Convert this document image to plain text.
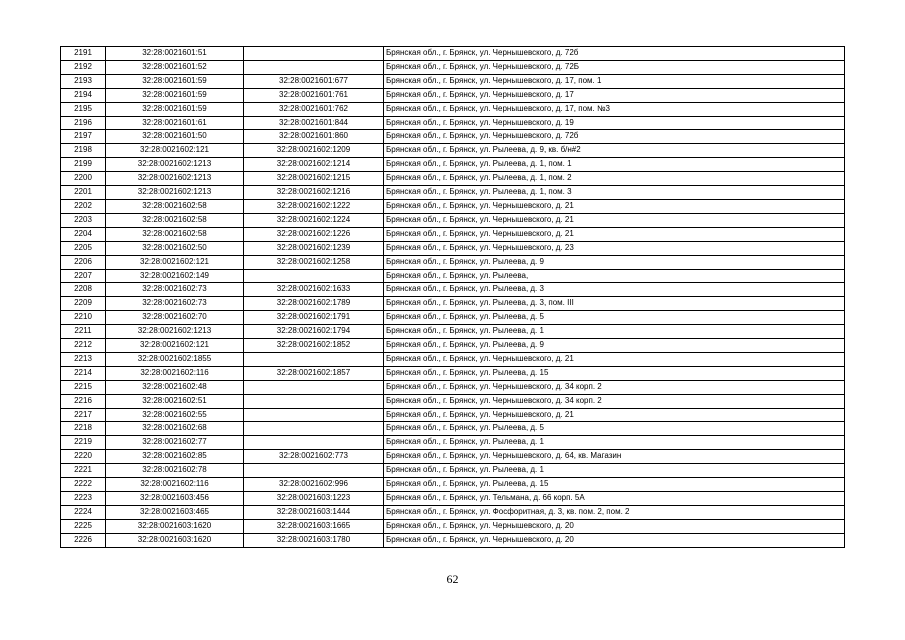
2191	32:28:0021601:51		Брянская обл., г. Брянск, ул. Чернышевского, д. 72б
2192	32:28:0021601:52		Брянская обл., г. Брянск, ул. Чернышевского, д. 72Б
2193	32:28:0021601:59	32:28:0021601:677	Брянская обл., г. Брянск, ул. Чернышевского, д. 17, пом. 1
2194	32:28:0021601:59	32:28:0021601:761	Брянская обл., г. Брянск, ул. Чернышевского, д. 17
2195	32:28:0021601:59	32:28:0021601:762	Брянская обл., г. Брянск, ул. Чернышевского, д. 17, пом. №3
2196	32:28:0021601:61	32:28:0021601:844	Брянская обл., г. Брянск, ул. Чернышевского, д. 19
2197	32:28:0021601:50	32:28:0021601:860	Брянская обл., г. Брянск, ул. Чернышевского, д. 72б
2198	32:28:0021602:121	32:28:0021602:1209	Брянская обл., г. Брянск, ул. Рылеева, д. 9, кв. б/н#2
2199	32:28:0021602:1213	32:28:0021602:1214	Брянская обл., г. Брянск, ул. Рылеева, д. 1, пом. 1
2200	32:28:0021602:1213	32:28:0021602:1215	Брянская обл., г. Брянск, ул. Рылеева, д. 1, пом. 2
2201	32:28:0021602:1213	32:28:0021602:1216	Брянская обл., г. Брянск, ул. Рылеева, д. 1, пом. 3
2202	32:28:0021602:58	32:28:0021602:1222	Брянская обл., г. Брянск, ул. Чернышевского, д. 21
2203	32:28:0021602:58	32:28:0021602:1224	Брянская обл., г. Брянск, ул. Чернышевского, д. 21
2204	32:28:0021602:58	32:28:0021602:1226	Брянская обл., г. Брянск, ул. Чернышевского, д. 21
2205	32:28:0021602:50	32:28:0021602:1239	Брянская обл., г. Брянск, ул. Чернышевского, д. 23
2206	32:28:0021602:121	32:28:0021602:1258	Брянская обл., г. Брянск, ул. Рылеева, д. 9
2207	32:28:0021602:149		Брянская обл., г. Брянск, ул. Рылеева,
2208	32:28:0021602:73	32:28:0021602:1633	Брянская обл., г. Брянск, ул. Рылеева, д. 3
2209	32:28:0021602:73	32:28:0021602:1789	Брянская обл., г. Брянск, ул. Рылеева, д. 3, пом. III
2210	32:28:0021602:70	32:28:0021602:1791	Брянская обл., г. Брянск, ул. Рылеева, д. 5
2211	32:28:0021602:1213	32:28:0021602:1794	Брянская обл., г. Брянск, ул. Рылеева, д. 1
2212	32:28:0021602:121	32:28:0021602:1852	Брянская обл., г. Брянск, ул. Рылеева, д. 9
2213	32:28:0021602:1855		Брянская обл., г. Брянск, ул. Чернышевского, д. 21
2214	32:28:0021602:116	32:28:0021602:1857	Брянская обл., г. Брянск, ул. Рылеева, д. 15
2215	32:28:0021602:48		Брянская обл., г. Брянск, ул. Чернышевского, д. 34 корп. 2
2216	32:28:0021602:51		Брянская обл., г. Брянск, ул. Чернышевского, д. 34 корп. 2
2217	32:28:0021602:55		Брянская обл., г. Брянск, ул. Чернышевского, д. 21
2218	32:28:0021602:68		Брянская обл., г. Брянск, ул. Рылеева, д. 5
2219	32:28:0021602:77		Брянская обл., г. Брянск, ул. Рылеева, д. 1
2220	32:28:0021602:85	32:28:0021602:773	Брянская обл., г. Брянск, ул. Чернышевского, д. 64, кв. Магазин
2221	32:28:0021602:78		Брянская обл., г. Брянск, ул. Рылеева, д. 1
2222	32:28:0021602:116	32:28:0021602:996	Брянская обл., г. Брянск, ул. Рылеева, д. 15
2223	32:28:0021603:456	32:28:0021603:1223	Брянская обл., г. Брянск, ул. Тельмана, д. 66 корп. 5А
2224	32:28:0021603:465	32:28:0021603:1444	Брянская обл., г. Брянск, ул. Фосфоритная, д. 3, кв. пом. 2, пом. 2
2225	32:28:0021603:1620	32:28:0021603:1665	Брянская обл., г. Брянск, ул. Чернышевского, д. 20
2226	32:28:0021603:1620	32:28:0021603:1780	Брянская обл., г. Брянск, ул. Чернышевского, д. 20
62
